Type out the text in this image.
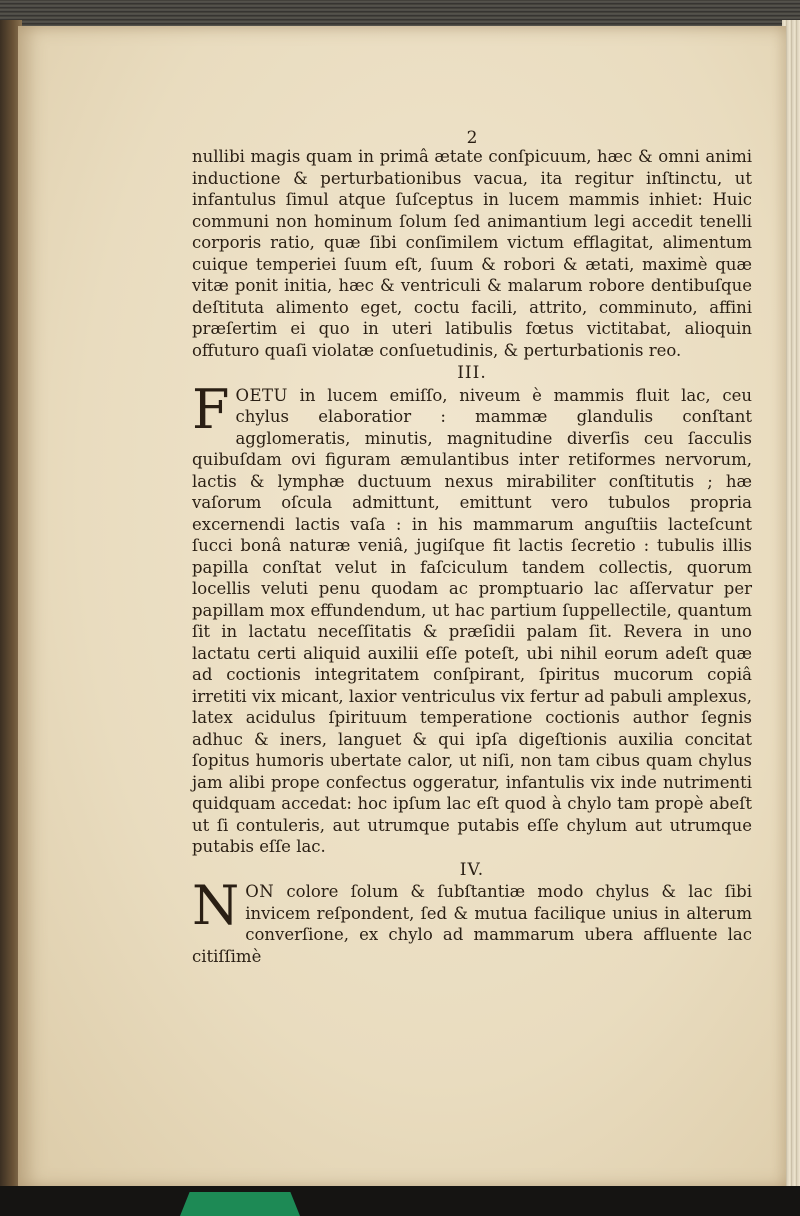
2

nullibi magis quam in primâ ætate conſpicuum, hæc & omni animi inductione & perturbationibus vacua, ita regitur inſtinctu, ut infantulus ſimul atque ſuſceptus in lucem mammis inhiet: Huic communi non hominum ſolum ſed animantium legi accedit tenelli corporis ratio, quæ ſibi conſimilem victum efflagitat, alimentum cuique temperiei ſuum eſt, ſuum & robori & ætati, maximè quæ vitæ ponit initia, hæc & ventriculi & malarum robore dentibuſque deſtituta alimento eget, coctu facili, attrito, comminuto, affini præſertim ei quo in uteri latibulis fœtus victitabat, alioquin offuturo quaſi violatæ conſuetudinis, & perturbationis reo.

III.

FOETU in lucem emiſſo, niveum è mammis fluit lac, ceu chylus elaboratior : mammæ glandulis conſtant agglomeratis, minutis, magnitudine diverſis ceu ſacculis quibuſdam ovi figuram æmulantibus inter retiformes nervorum, lactis & lymphæ ductuum nexus mirabiliter conſtitutis ; hæ vaſorum oſcula admittunt, emittunt vero tubulos propria excernendi lactis vaſa : in his mammarum anguſtiis lacteſcunt ſucci bonâ naturæ veniâ, jugiſque fit lactis ſecretio : tubulis illis papilla conſtat velut in faſciculum tandem collectis, quorum locellis veluti penu quodam ac promptuario lac aſſervatur per papillam mox effundendum, ut hac partium ſuppellectile, quantum ſit in lactatu neceſſitatis & præſidii palam ſit. Revera in uno lactatu certi aliquid auxilii eſſe poteſt, ubi nihil eorum adeſt quæ ad coctionis integritatem conſpirant, ſpiritus mucorum copiâ irretiti vix micant, laxior ventriculus vix fertur ad pabuli amplexus, latex acidulus ſpirituum temperatione coctionis author ſegnis adhuc & iners, languet & qui ipſa digeſtionis auxilia concitat ſopitus humoris ubertate calor, ut niſi, non tam cibus quam chylus jam alibi prope confectus oggeratur, infantulis vix inde nutrimenti quidquam accedat: hoc ipſum lac eſt quod à chylo tam propè abeſt ut ſi contuleris, aut utrumque putabis eſſe chylum aut utrumque putabis eſſe lac.

IV.

NON colore ſolum & ſubſtantiæ modo chylus & lac ſibi invicem reſpondent, ſed & mutua facilique unius in alterum converſione, ex chylo ad mammarum ubera affluente lac citiſſimè
